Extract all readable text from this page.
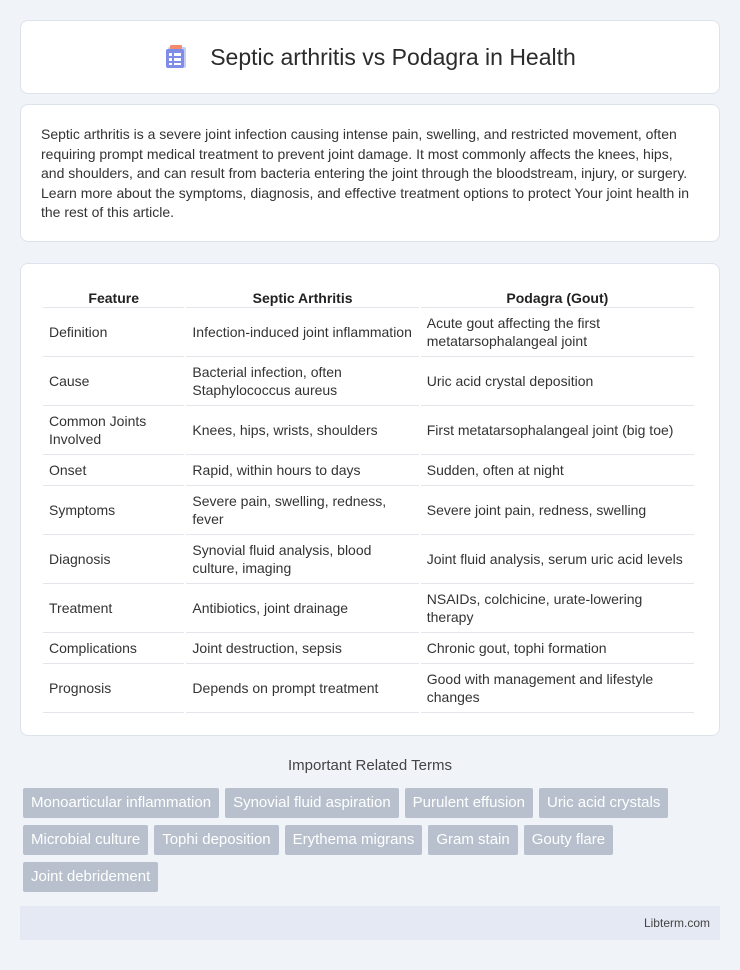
Septic arthritis vs Podagra in Health

Septic arthritis is a severe joint infection causing intense pain, swelling, and restricted movement, often requiring prompt medical treatment to prevent joint damage. It most commonly affects the knees, hips, and shoulders, and can result from bacteria entering the joint through the bloodstream, injury, or surgery. Learn more about the symptoms, diagnosis, and effective treatment options to protect Your joint health in the rest of this article.

Feature	Septic Arthritis	Podagra (Gout)
Definition	Infection-induced joint inflammation	Acute gout affecting the first metatarsophalangeal joint
Cause	Bacterial infection, often Staphylococcus aureus	Uric acid crystal deposition
Common Joints Involved	Knees, hips, wrists, shoulders	First metatarsophalangeal joint (big toe)
Onset	Rapid, within hours to days	Sudden, often at night
Symptoms	Severe pain, swelling, redness, fever	Severe joint pain, redness, swelling
Diagnosis	Synovial fluid analysis, blood culture, imaging	Joint fluid analysis, serum uric acid levels
Treatment	Antibiotics, joint drainage	NSAIDs, colchicine, urate-lowering therapy
Complications	Joint destruction, sepsis	Chronic gout, tophi formation
Prognosis	Depends on prompt treatment	Good with management and lifestyle changes
Important Related Terms
Monoarticular inflammation	Synovial fluid aspiration	Purulent effusion	Uric acid crystals
Microbial culture	Tophi deposition	Erythema migrans	Gram stain	Gouty flare
Joint debridement
Libterm.com
